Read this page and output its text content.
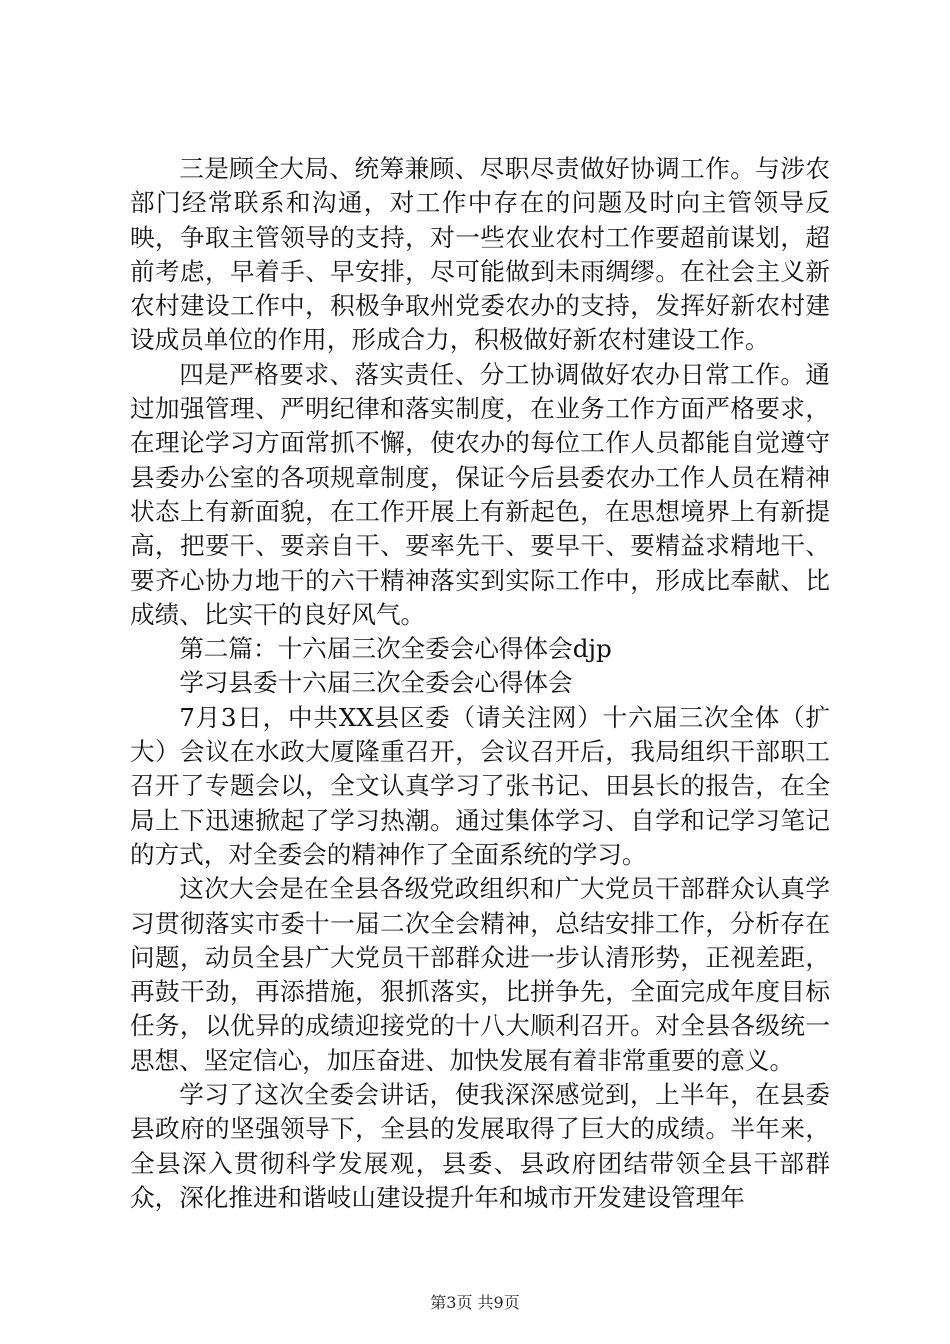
三是顾全大局、统筹兼顾、尽职尽责做好协调工作。与涉农部门经常联系和沟通，对工作中存在的问题及时向主管领导反映，争取主管领导的支持，对一些农业农村工作要超前谋划，超前考虑，早着手、早安排，尽可能做到未雨绸缪。在社会主义新农村建设工作中，积极争取州党委农办的支持，发挥好新农村建设成员单位的作用，形成合力，积极做好新农村建设工作。

四是严格要求、落实责任、分工协调做好农办日常工作。通过加强管理、严明纪律和落实制度，在业务工作方面严格要求，在理论学习方面常抓不懈，使农办的每位工作人员都能自觉遵守县委办公室的各项规章制度，保证今后县委农办工作人员在精神状态上有新面貌，在工作开展上有新起色，在思想境界上有新提高，把要干、要亲自干、要率先干、要早干、要精益求精地干、要齐心协力地干的六干精神落实到实际工作中，形成比奉献、比成绩、比实干的良好风气。

第二篇：十六届三次全委会心得体会djp

学习县委十六届三次全委会心得体会

7月3日，中共XX县区委（请关注网）十六届三次全体（扩大）会议在水政大厦隆重召开，会议召开后，我局组织干部职工召开了专题会以，全文认真学习了张书记、田县长的报告，在全局上下迅速掀起了学习热潮。通过集体学习、自学和记学习笔记的方式，对全委会的精神作了全面系统的学习。

这次大会是在全县各级党政组织和广大党员干部群众认真学习贯彻落实市委十一届二次全会精神，总结安排工作，分析存在问题，动员全县广大党员干部群众进一步认清形势，正视差距，再鼓干劲，再添措施，狠抓落实，比拼争先，全面完成年度目标任务，以优异的成绩迎接党的十八大顺利召开。对全县各级统一思想、坚定信心，加压奋进、加快发展有着非常重要的意义。

学习了这次全委会讲话，使我深深感觉到，上半年，在县委县政府的坚强领导下，全县的发展取得了巨大的成绩。半年来，全县深入贯彻科学发展观，县委、县政府团结带领全县干部群众，深化推进和谐岐山建设提升年和城市开发建设管理年

第3页 共9页
